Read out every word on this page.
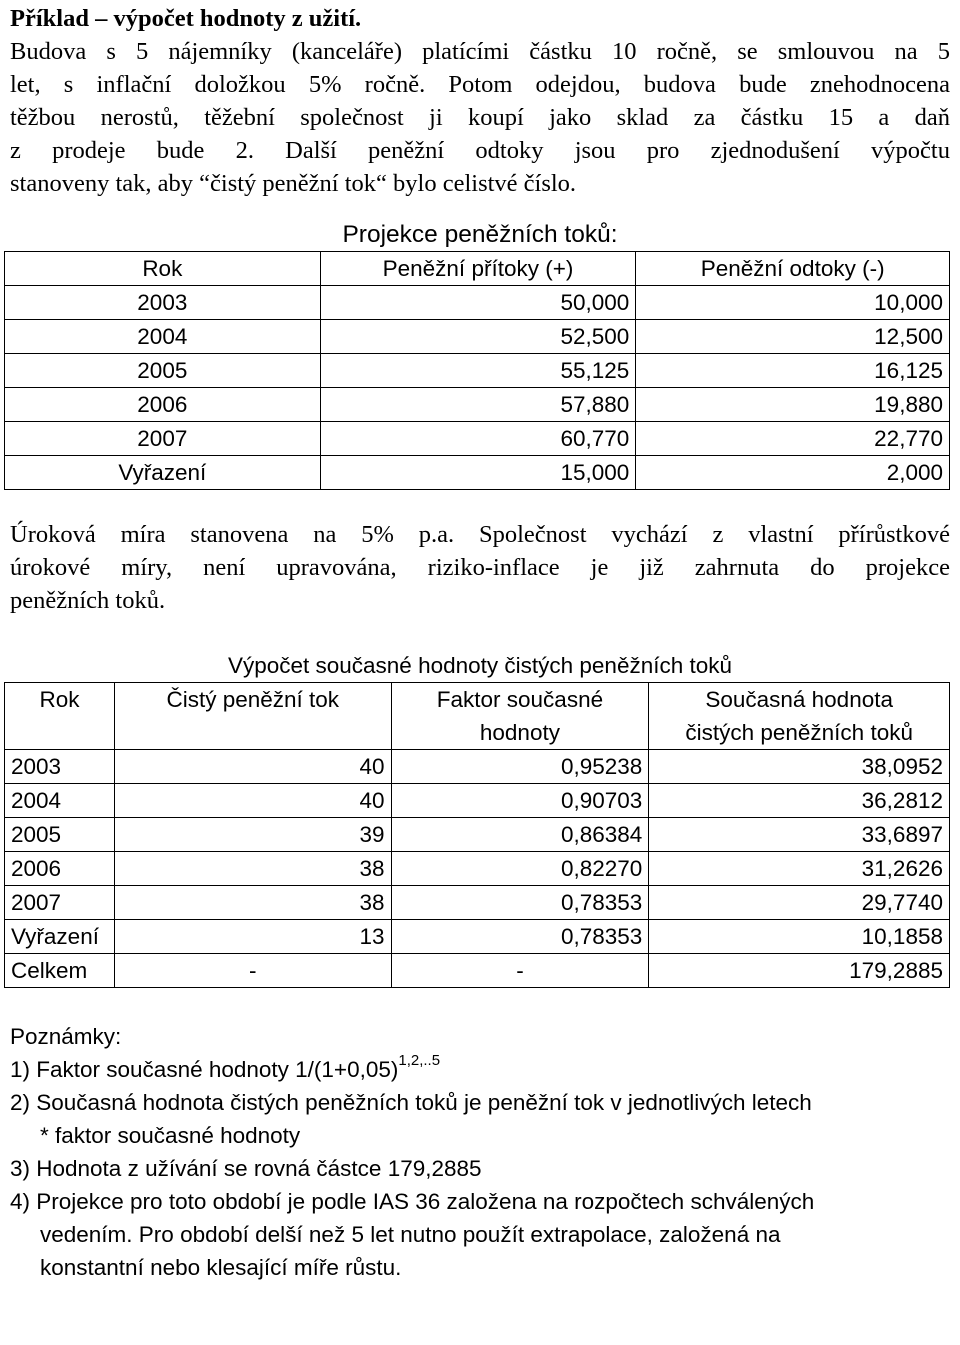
Příklad – výpočet hodnoty z užití.

Budova s 5 nájemníky (kanceláře) platícími částku 10 ročně, se smlouvou na 5
let, s inflační doložkou 5% ročně. Potom odejdou, budova bude znehodnocena
těžbou nerostů, těžební společnost ji koupí jako sklad za částku 15 a daň
z prodeje bude 2. Další peněžní odtoky jsou pro zjednodušení výpočtu
stanoveny tak, aby “čistý peněžní tok“ bylo celistvé číslo.

Projekce peněžních toků:

Rok	Peněžní přítoky (+)	Peněžní odtoky (-)
2003	50,000	10,000
2004	52,500	12,500
2005	55,125	16,125
2006	57,880	19,880
2007	60,770	22,770
Vyřazení	15,000	2,000
Úroková míra stanovena na 5% p.a. Společnost vychází z vlastní přírůstkové
úrokové míry, není upravována, riziko-inflace je již zahrnuta do projekce
peněžních toků.

Výpočet současné hodnoty čistých peněžních toků

Rok	Čistý peněžní tok	Faktor současné hodnoty	Současná hodnota čistých peněžních toků
2003	40	0,95238	38,0952
2004	40	0,90703	36,2812
2005	39	0,86384	33,6897
2006	38	0,82270	31,2626
2007	38	0,78353	29,7740
Vyřazení	13	0,78353	10,1858
Celkem	-	-	179,2885

Poznámky:

1) Faktor současné hodnoty $1/(1+0,05)^{1,2,..5}$

2) Současná hodnota čistých peněžních toků je peněžní tok v jednotlivých letech

* faktor současné hodnoty

3) Hodnota z užívání se rovná částce 179,2885

4) Projekce pro toto období je podle IAS 36 založena na rozpočtech schválených

vedením. Pro období delší než 5 let nutno použít extrapolace, založená na

konstantní nebo klesající míře růstu.
